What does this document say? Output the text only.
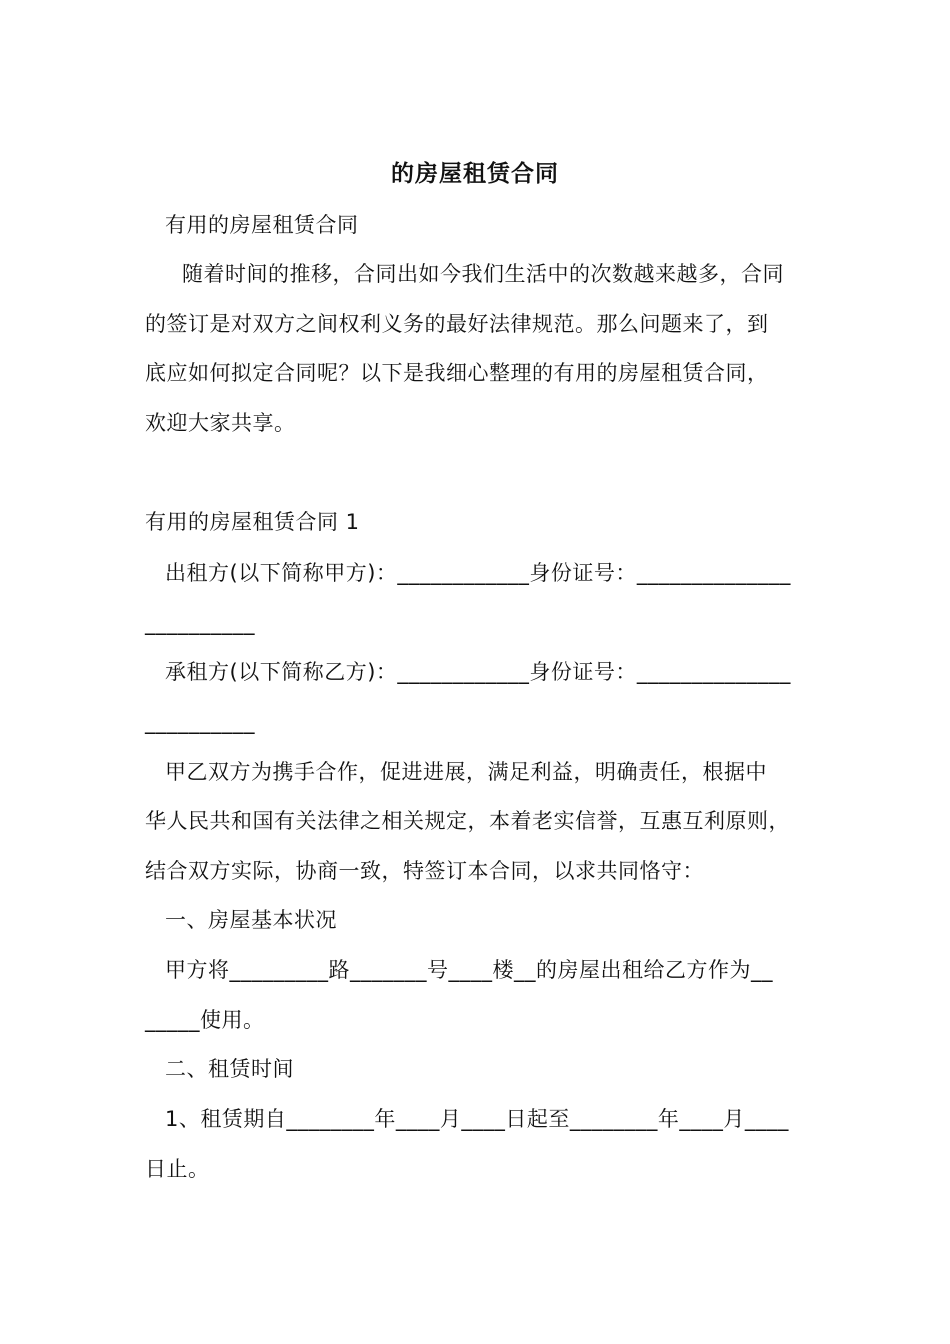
的房屋租赁合同
有用的房屋租赁合同
随着时间的推移，合同出如今我们生活中的次数越来越多，合同
的签订是对双方之间权利义务的最好法律规范。那么问题来了，到
底应如何拟定合同呢？以下是我细心整理的有用的房屋租赁合同，
欢迎大家共享。
有用的房屋租赁合同 1
出租方(以下简称甲方)：____________身份证号：______________
__________
承租方(以下简称乙方)：____________身份证号：______________
__________
甲乙双方为携手合作，促进进展，满足利益，明确责任，根据中
华人民共和国有关法律之相关规定，本着老实信誉，互惠互利原则，
结合双方实际，协商一致，特签订本合同，以求共同恪守：
一、房屋基本状况
甲方将_________路_______号____楼__的房屋出租给乙方作为__
_____使用。
二、租赁时间
1、租赁期自________年____月____日起至________年____月____
日止。
